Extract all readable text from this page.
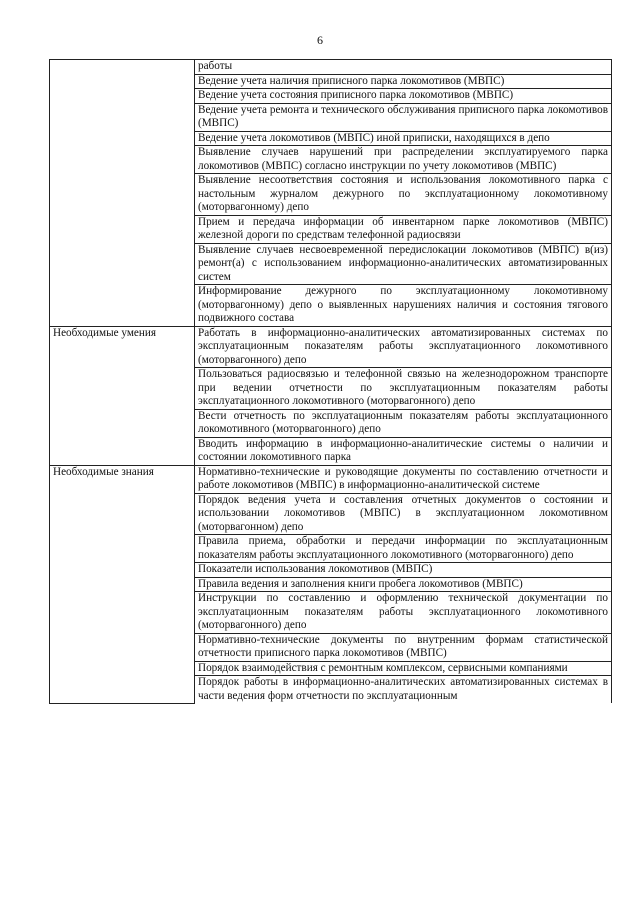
6
	работы
	Ведение учета наличия приписного парка локомотивов (МВПС)
	Ведение учета состояния приписного парка локомотивов (МВПС)
	Ведение учета ремонта и технического обслуживания приписного парка локомотивов (МВПС)
	Ведение учета локомотивов (МВПС) иной приписки, находящихся в депо
	Выявление случаев нарушений при распределении эксплуатируемого парка локомотивов (МВПС) согласно инструкции по учету локомотивов (МВПС)
	Выявление несоответствия состояния и использования локомотивного парка с настольным журналом дежурного по эксплуатационному локомотивному (моторвагонному) депо
	Прием и передача информации об инвентарном парке локомотивов (МВПС) железной дороги по средствам телефонной радиосвязи
	Выявление случаев несвоевременной передислокации локомотивов (МВПС) в(из) ремонт(а) с использованием информационно-аналитических автоматизированных систем
	Информирование дежурного по эксплуатационному локомотивному (моторвагонному) депо о выявленных нарушениях наличия и состояния тягового подвижного состава
Необходимые умения	Работать в информационно-аналитических автоматизированных системах по эксплуатационным показателям работы эксплуатационного локомотивного (моторвагонного) депо
	Пользоваться радиосвязью и телефонной связью на железнодорожном транспорте при ведении отчетности по эксплуатационным показателям работы эксплуатационного локомотивного (моторвагонного) депо
	Вести отчетность по эксплуатационным показателям работы эксплуатационного локомотивного (моторвагонного) депо
	Вводить информацию в информационно-аналитические системы о наличии и состоянии локомотивного парка
Необходимые знания	Нормативно-технические и руководящие документы по составлению отчетности и работе локомотивов (МВПС) в информационно-аналитической системе
	Порядок ведения учета и составления отчетных документов о состоянии и использовании локомотивов (МВПС) в эксплуатационном локомотивном (моторвагонном) депо
	Правила приема, обработки и передачи информации по эксплуатационным показателям работы эксплуатационного локомотивного (моторвагонного) депо
	Показатели использования локомотивов (МВПС)
	Правила ведения и заполнения книги пробега локомотивов (МВПС)
	Инструкции по составлению и оформлению технической документации по эксплуатационным показателям работы эксплуатационного локомотивного (моторвагонного) депо
	Нормативно-технические документы по внутренним формам статистической отчетности приписного парка локомотивов (МВПС)
	Порядок взаимодействия с ремонтным комплексом, сервисными компаниями
	Порядок работы в информационно-аналитических автоматизированных системах в части ведения форм отчетности по эксплуатационным
